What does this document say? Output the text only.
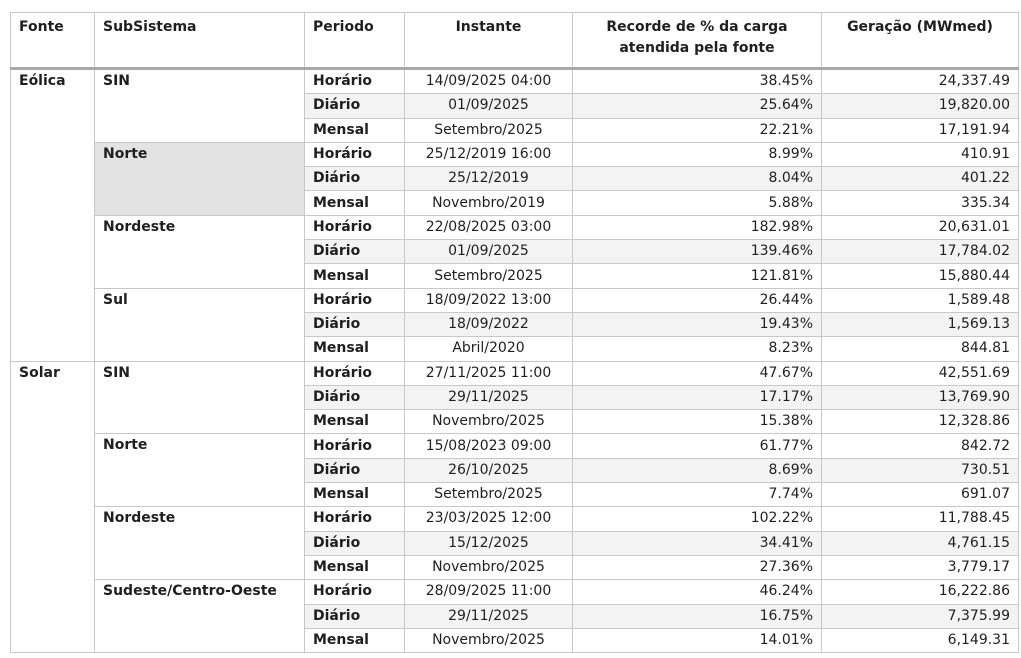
Fonte	SubSistema	Periodo	Instante	Recorde de % da carga atendida pela fonte	Geração (MWmed)
Eólica	SIN	Horário	14/09/2025 04:00	38.45%	24,337.49
		Diário	01/09/2025	25.64%	19,820.00
		Mensal	Setembro/2025	22.21%	17,191.94
	Norte	Horário	25/12/2019 16:00	8.99%	410.91
		Diário	25/12/2019	8.04%	401.22
		Mensal	Novembro/2019	5.88%	335.34
	Nordeste	Horário	22/08/2025 03:00	182.98%	20,631.01
		Diário	01/09/2025	139.46%	17,784.02
		Mensal	Setembro/2025	121.81%	15,880.44
	Sul	Horário	18/09/2022 13:00	26.44%	1,589.48
		Diário	18/09/2022	19.43%	1,569.13
		Mensal	Abril/2020	8.23%	844.81
Solar	SIN	Horário	27/11/2025 11:00	47.67%	42,551.69
		Diário	29/11/2025	17.17%	13,769.90
		Mensal	Novembro/2025	15.38%	12,328.86
	Norte	Horário	15/08/2023 09:00	61.77%	842.72
		Diário	26/10/2025	8.69%	730.51
		Mensal	Setembro/2025	7.74%	691.07
	Nordeste	Horário	23/03/2025 12:00	102.22%	11,788.45
		Diário	15/12/2025	34.41%	4,761.15
		Mensal	Novembro/2025	27.36%	3,779.17
	Sudeste/Centro-Oeste	Horário	28/09/2025 11:00	46.24%	16,222.86
		Diário	29/11/2025	16.75%	7,375.99
		Mensal	Novembro/2025	14.01%	6,149.31
